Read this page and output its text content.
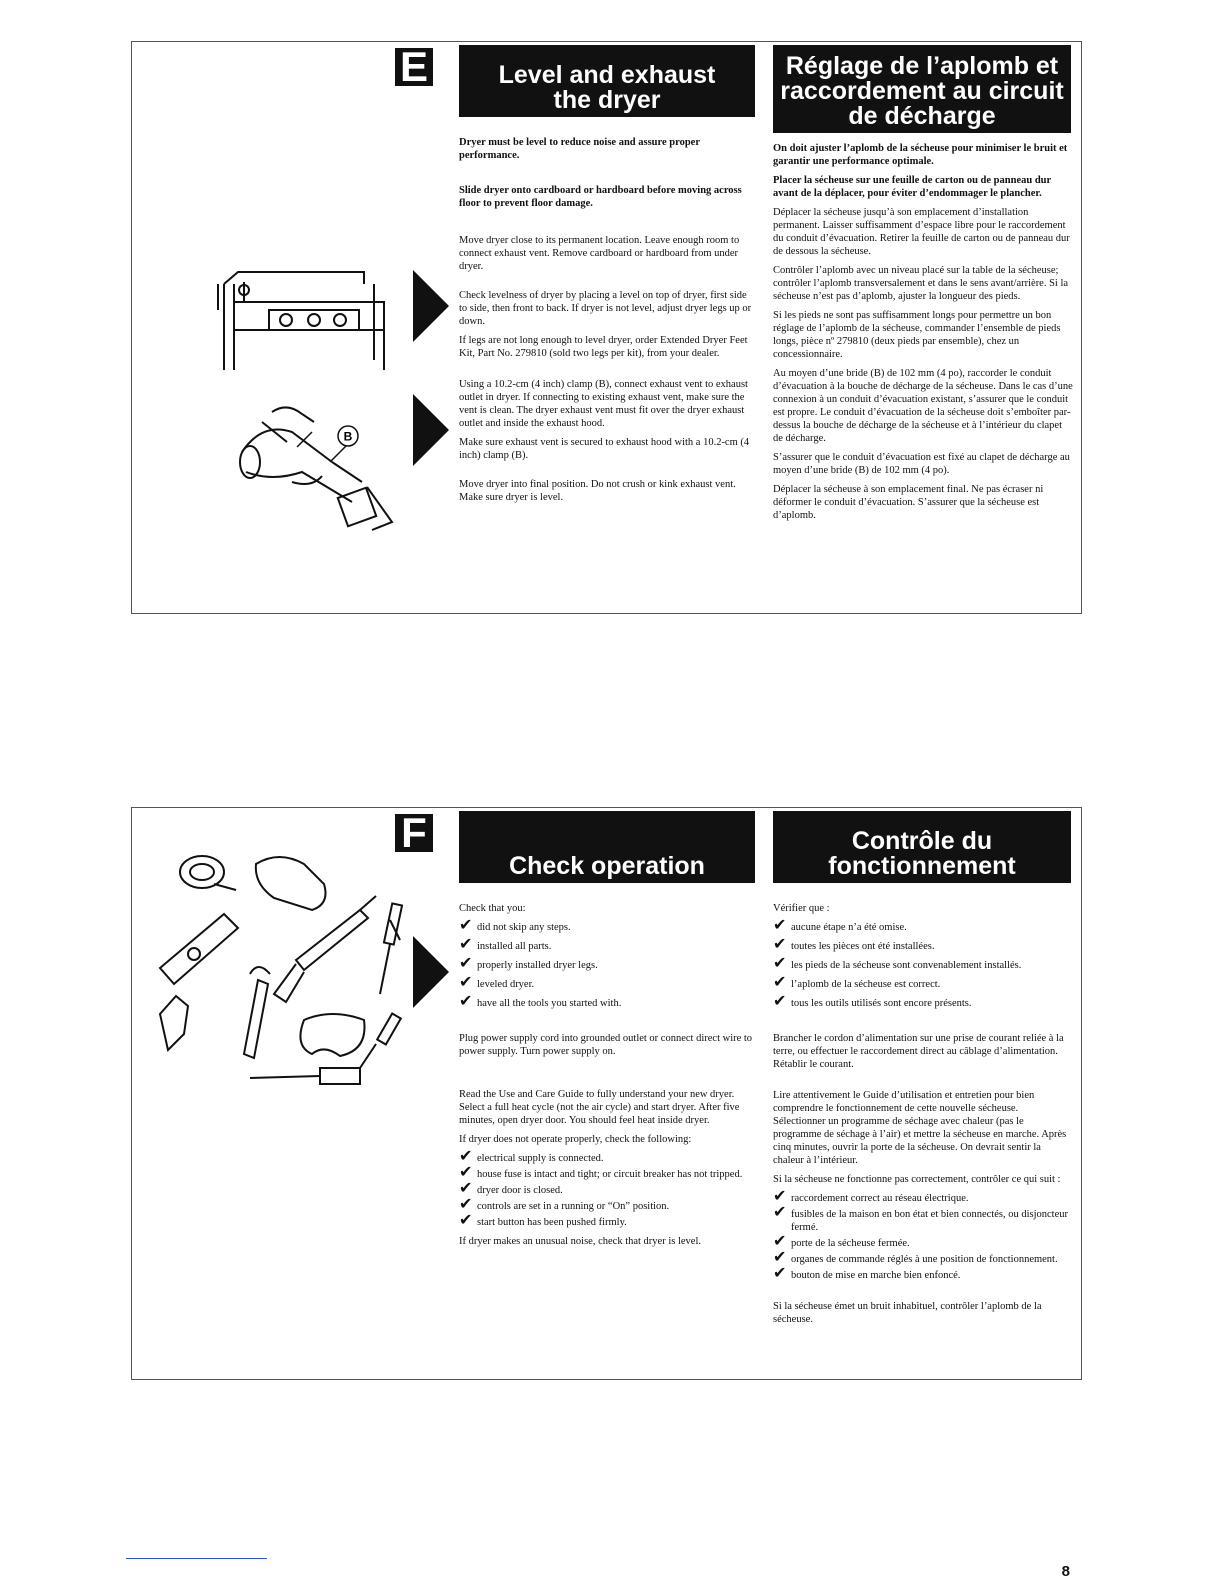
E
B
Level and exhaust
the dryer
Réglage de l’aplomb et
raccordement au circuit
de décharge

Dryer must be level to reduce noise and assure proper performance.

Slide dryer onto cardboard or hardboard before moving across floor to prevent floor damage.

Move dryer close to its permanent location. Leave enough room to connect exhaust vent. Remove cardboard or hardboard from under dryer.

Check levelness of dryer by placing a level on top of dryer, first side to side, then front to back. If dryer is not level, adjust dryer legs up or down.

If legs are not long enough to level dryer, order Extended Dryer Feet Kit, Part No. 279810 (sold two legs per kit), from your dealer.

Using a 10.2-cm (4 inch) clamp (B), connect exhaust vent to exhaust outlet in dryer. If connecting to existing exhaust vent, make sure the vent is clean. The dryer exhaust vent must fit over the dryer exhaust outlet and inside the exhaust hood.

Make sure exhaust vent is secured to exhaust hood with a 10.2-cm (4 inch) clamp (B).

Move dryer into final position. Do not crush or kink exhaust vent. Make sure dryer is level.

On doit ajuster l’aplomb de la sécheuse pour minimiser le bruit et garantir une performance optimale.

Placer la sécheuse sur une feuille de carton ou de panneau dur avant de la déplacer, pour éviter d’endommager le plancher.

Déplacer la sécheuse jusqu’à son emplacement d’installation permanent. Laisser suffisamment d’espace libre pour le raccordement du conduit d’évacuation. Retirer la feuille de carton ou de panneau dur de dessous la sécheuse.

Contrôler l’aplomb avec un niveau placé sur la table de la sécheuse; contrôler l’aplomb transversalement et dans le sens avant/arrière. Si la sécheuse n’est pas d’aplomb, ajuster la longueur des pieds.

Si les pieds ne sont pas suffisamment longs pour permettre un bon réglage de l’aplomb de la sécheuse, commander l’ensemble de pieds longs, pièce nº 279810 (deux pieds par ensemble), chez un concessionnaire.

Au moyen d’une bride (B) de 102 mm (4 po), raccorder le conduit d’évacuation à la bouche de décharge de la sécheuse. Dans le cas d’une connexion à un conduit d’évacuation existant, s’assurer que le conduit est propre. Le conduit d’évacuation de la sécheuse doit s’emboîter par-dessus la bouche de décharge de la sécheuse et à l’intérieur du clapet de décharge.

S’assurer que le conduit d’évacuation est fixé au clapet de décharge au moyen d’une bride (B) de 102 mm (4 po).

Déplacer la sécheuse à son emplacement final. Ne pas écraser ni déformer le conduit d’évacuation. S’assurer que la sécheuse est d’aplomb.

F
Check operation
Contrôle du
fonctionnement

Check that you:

✔ did not skip any steps.
✔ installed all parts.
✔ properly installed dryer legs.
✔ leveled dryer.
✔ have all the tools you started with.

Plug power supply cord into grounded outlet or connect direct wire to power supply. Turn power supply on.

Read the Use and Care Guide to fully understand your new dryer. Select a full heat cycle (not the air cycle) and start dryer. After five minutes, open dryer door. You should feel heat inside dryer.

If dryer does not operate properly, check the following:

✔ electrical supply is connected.
✔ house fuse is intact and tight; or circuit breaker has not tripped.
✔ dryer door is closed.
✔ controls are set in a running or “On” position.
✔ start button has been pushed firmly.

If dryer makes an unusual noise, check that dryer is level.

Vérifier que :

✔ aucune étape n’a été omise.
✔ toutes les pièces ont été installées.
✔ les pieds de la sécheuse sont convenablement installés.
✔ l’aplomb de la sécheuse est correct.
✔ tous les outils utilisés sont encore présents.

Brancher le cordon d’alimentation sur une prise de courant reliée à la terre, ou effectuer le raccordement direct au câblage d’alimentation. Rétablir le courant.

Lire attentivement le Guide d’utilisation et entretien pour bien comprendre le fonctionnement de cette nouvelle sécheuse. Sélectionner un programme de séchage avec chaleur (pas le programme de séchage à l’air) et mettre la sécheuse en marche. Après cinq minutes, ouvrir la porte de la sécheuse. On devrait sentir la chaleur à l’intérieur.

Si la sécheuse ne fonctionne pas correctement, contrôler ce qui suit :

✔ raccordement correct au réseau électrique.
✔ fusibles de la maison en bon état et bien connectés, ou disjoncteur fermé.
✔ porte de la sécheuse fermée.
✔ organes de commande réglés à une position de fonctionnement.
✔ bouton de mise en marche bien enfoncé.

Si la sécheuse émet un bruit inhabituel, contrôler l’aplomb de la sécheuse.

8
